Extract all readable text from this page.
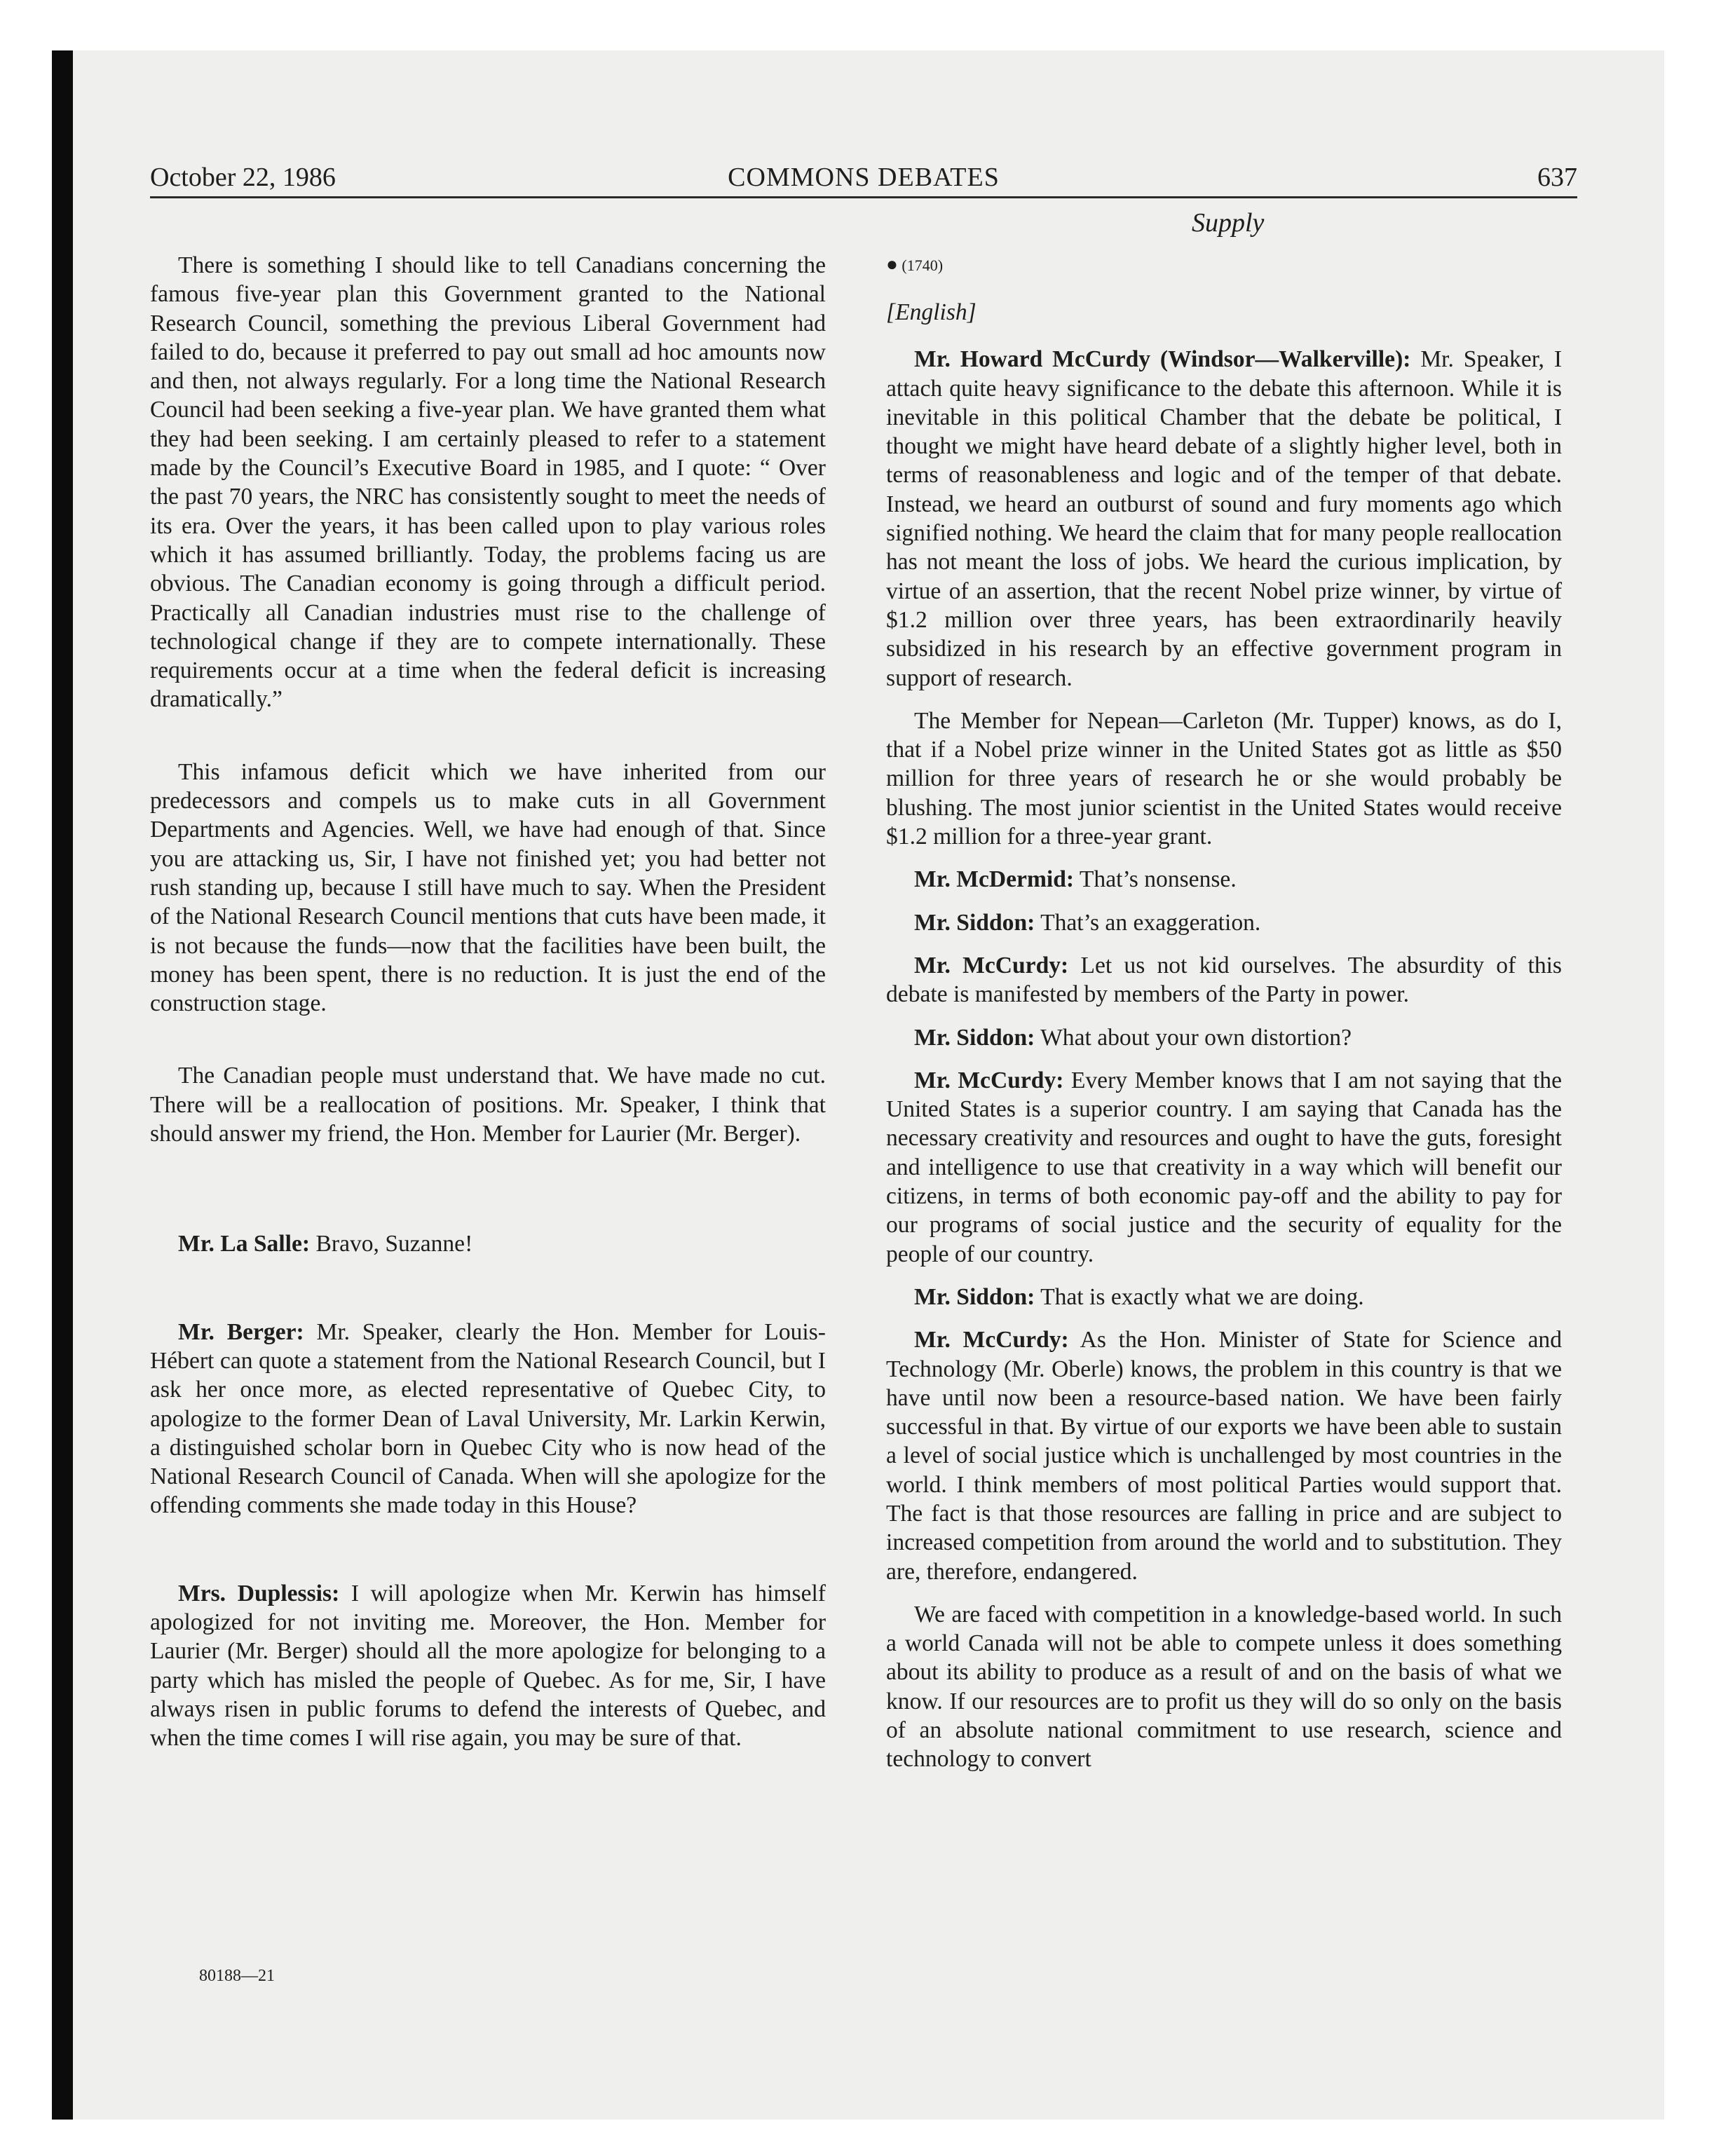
October 22, 1986	COMMONS DEBATES	637
Supply

There is something I should like to tell Canadians concerning the famous five-year plan this Government granted to the National Research Council, something the previous Liberal Government had failed to do, because it preferred to pay out small ad hoc amounts now and then, not always regularly. For a long time the National Research Council had been seeking a five-year plan. We have granted them what they had been seeking. I am certainly pleased to refer to a statement made by the Council’s Executive Board in 1985, and I quote: “ Over the past 70 years, the NRC has consistently sought to meet the needs of its era. Over the years, it has been called upon to play various roles which it has assumed brilliantly. Today, the problems facing us are obvious. The Canadian economy is going through a difficult period. Practically all Canadian industries must rise to the challenge of technological change if they are to compete internationally. These requirements occur at a time when the federal deficit is increasing dramatically.”

This infamous deficit which we have inherited from our predecessors and compels us to make cuts in all Government Departments and Agencies. Well, we have had enough of that. Since you are attacking us, Sir, I have not finished yet; you had better not rush standing up, because I still have much to say. When the President of the National Research Council mentions that cuts have been made, it is not because the funds—now that the facilities have been built, the money has been spent, there is no reduction. It is just the end of the construction stage.

The Canadian people must understand that. We have made no cut. There will be a reallocation of positions. Mr. Speaker, I think that should answer my friend, the Hon. Member for Laurier (Mr. Berger).

Mr. La Salle: Bravo, Suzanne!

Mr. Berger: Mr. Speaker, clearly the Hon. Member for Louis-Hébert can quote a statement from the National Research Council, but I ask her once more, as elected representative of Quebec City, to apologize to the former Dean of Laval University, Mr. Larkin Kerwin, a distinguished scholar born in Quebec City who is now head of the National Research Council of Canada. When will she apologize for the offending comments she made today in this House?

Mrs. Duplessis: I will apologize when Mr. Kerwin has himself apologized for not inviting me. Moreover, the Hon. Member for Laurier (Mr. Berger) should all the more apologize for belonging to a party which has misled the people of Quebec. As for me, Sir, I have always risen in public forums to defend the interests of Quebec, and when the time comes I will rise again, you may be sure of that.

● (1740)

[English]

Mr. Howard McCurdy (Windsor—Walkerville): Mr. Speaker, I attach quite heavy significance to the debate this afternoon. While it is inevitable in this political Chamber that the debate be political, I thought we might have heard debate of a slightly higher level, both in terms of reasonableness and logic and of the temper of that debate. Instead, we heard an outburst of sound and fury moments ago which signified nothing. We heard the claim that for many people reallocation has not meant the loss of jobs. We heard the curious implication, by virtue of an assertion, that the recent Nobel prize winner, by virtue of $1.2 million over three years, has been extraordinarily heavily subsidized in his research by an effective government program in support of research.

The Member for Nepean—Carleton (Mr. Tupper) knows, as do I, that if a Nobel prize winner in the United States got as little as $50 million for three years of research he or she would probably be blushing. The most junior scientist in the United States would receive $1.2 million for a three-year grant.

Mr. McDermid: That’s nonsense.

Mr. Siddon: That’s an exaggeration.

Mr. McCurdy: Let us not kid ourselves. The absurdity of this debate is manifested by members of the Party in power.

Mr. Siddon: What about your own distortion?

Mr. McCurdy: Every Member knows that I am not saying that the United States is a superior country. I am saying that Canada has the necessary creativity and resources and ought to have the guts, foresight and intelligence to use that creativity in a way which will benefit our citizens, in terms of both economic pay-off and the ability to pay for our programs of social justice and the security of equality for the people of our country.

Mr. Siddon: That is exactly what we are doing.

Mr. McCurdy: As the Hon. Minister of State for Science and Technology (Mr. Oberle) knows, the problem in this country is that we have until now been a resource-based nation. We have been fairly successful in that. By virtue of our exports we have been able to sustain a level of social justice which is unchallenged by most countries in the world. I think members of most political Parties would support that. The fact is that those resources are falling in price and are subject to increased competition from around the world and to substitution. They are, therefore, endangered.

We are faced with competition in a knowledge-based world. In such a world Canada will not be able to compete unless it does something about its ability to produce as a result of and on the basis of what we know. If our resources are to profit us they will do so only on the basis of an absolute national commitment to use research, science and technology to convert

80188—21
